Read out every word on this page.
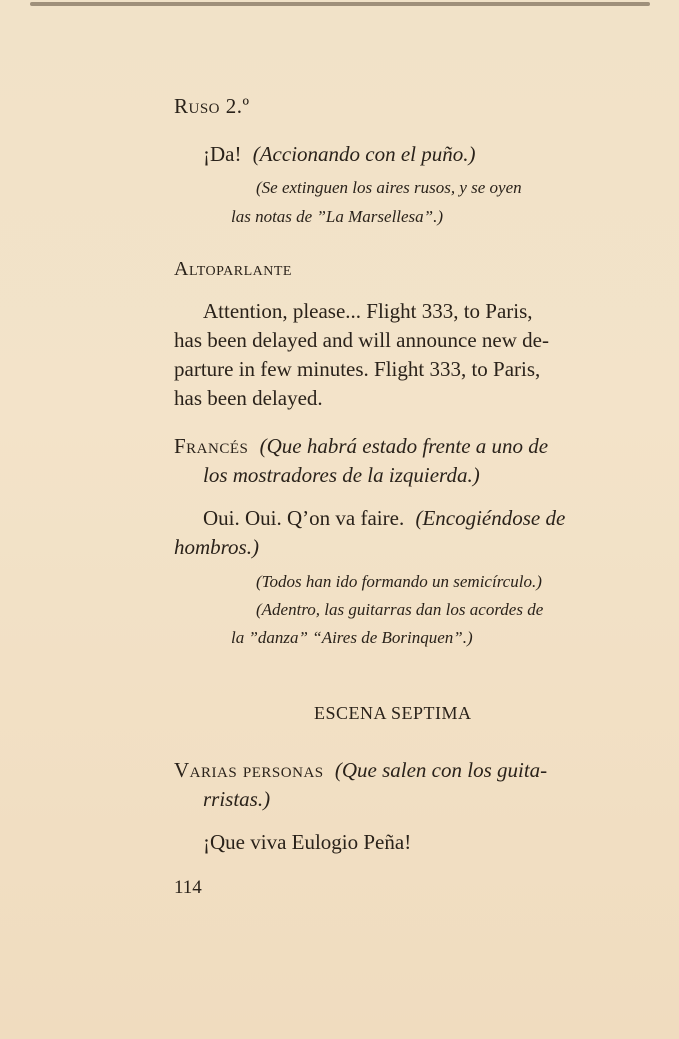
Ruso 2.º
¡Da! (Accionando con el puño.)
(Se extinguen los aires rusos, y se oyen
las notas de ”La Marsellesa”.)
Altoparlante
Attention, please... Flight 333, to Paris,
has been delayed and will announce new de-
parture in few minutes. Flight 333, to Paris,
has been delayed.
Francés (Que habrá estado frente a uno de
los mostradores de la izquierda.)
Oui. Oui. Q’on va faire. (Encogiéndose de
hombros.)
(Todos han ido formando un semicírculo.)
(Adentro, las guitarras dan los acordes de
la ”danza” “Aires de Borinquen”.)
ESCENA SEPTIMA
Varias personas (Que salen con los guita-
rristas.)
¡Que viva Eulogio Peña!
114
